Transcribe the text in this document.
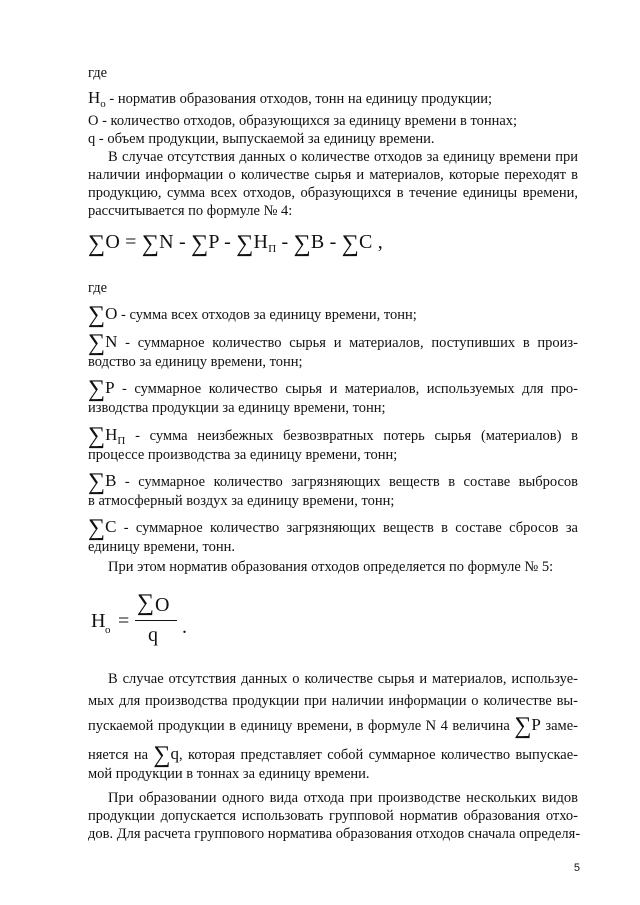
где
$Н_о$ - норматив образования отходов, тонн на единицу продукции;
О - количество отходов, образующихся за единицу времени в тоннах;
q - объем продукции, выпускаемой за единицу времени.
В случае отсутствия данных о количестве отходов за единицу времени при
наличии информации о количестве сырья и материалов, которые переходят в
продукцию, сумма всех отходов, образующихся в течение единицы времени,
рассчитывается по формуле № 4:
$\sum O = \sum N - \sum P - \sum Н_П - \sum В - \sum С$ ,
где
∑O - сумма всех отходов за единицу времени, тонн;
∑N - суммарное количество сырья и материалов, поступивших в произ-
водство за единицу времени, тонн;
∑P - суммарное количество сырья и материалов, используемых для про-
изводства продукции за единицу времени, тонн;
$\sum Н_П$ - сумма неизбежных безвозвратных потерь сырья (материалов) в
процессе производства за единицу времени, тонн;
∑В - суммарное количество загрязняющих веществ в составе выбросов
в атмосферный воздух за единицу времени, тонн;
∑С - суммарное количество загрязняющих веществ в составе сбросов за
единицу времени, тонн.
При этом норматив образования отходов определяется по формуле № 5:
Н о =
∑ O
q .
В случае отсутствия данных о количестве сырья и материалов, используе-
мых для производства продукции при наличии информации о количестве вы-
пускаемой продукции в единицу времени, в формуле N 4 величина ∑P заме-
няется на ∑q, которая представляет собой суммарное количество выпускае-
мой продукции в тоннах за единицу времени.
При образовании одного вида отхода при производстве нескольких видов
продукции допускается использовать групповой норматив образования отхо-
дов. Для расчета группового норматива образования отходов сначала определя-
5
